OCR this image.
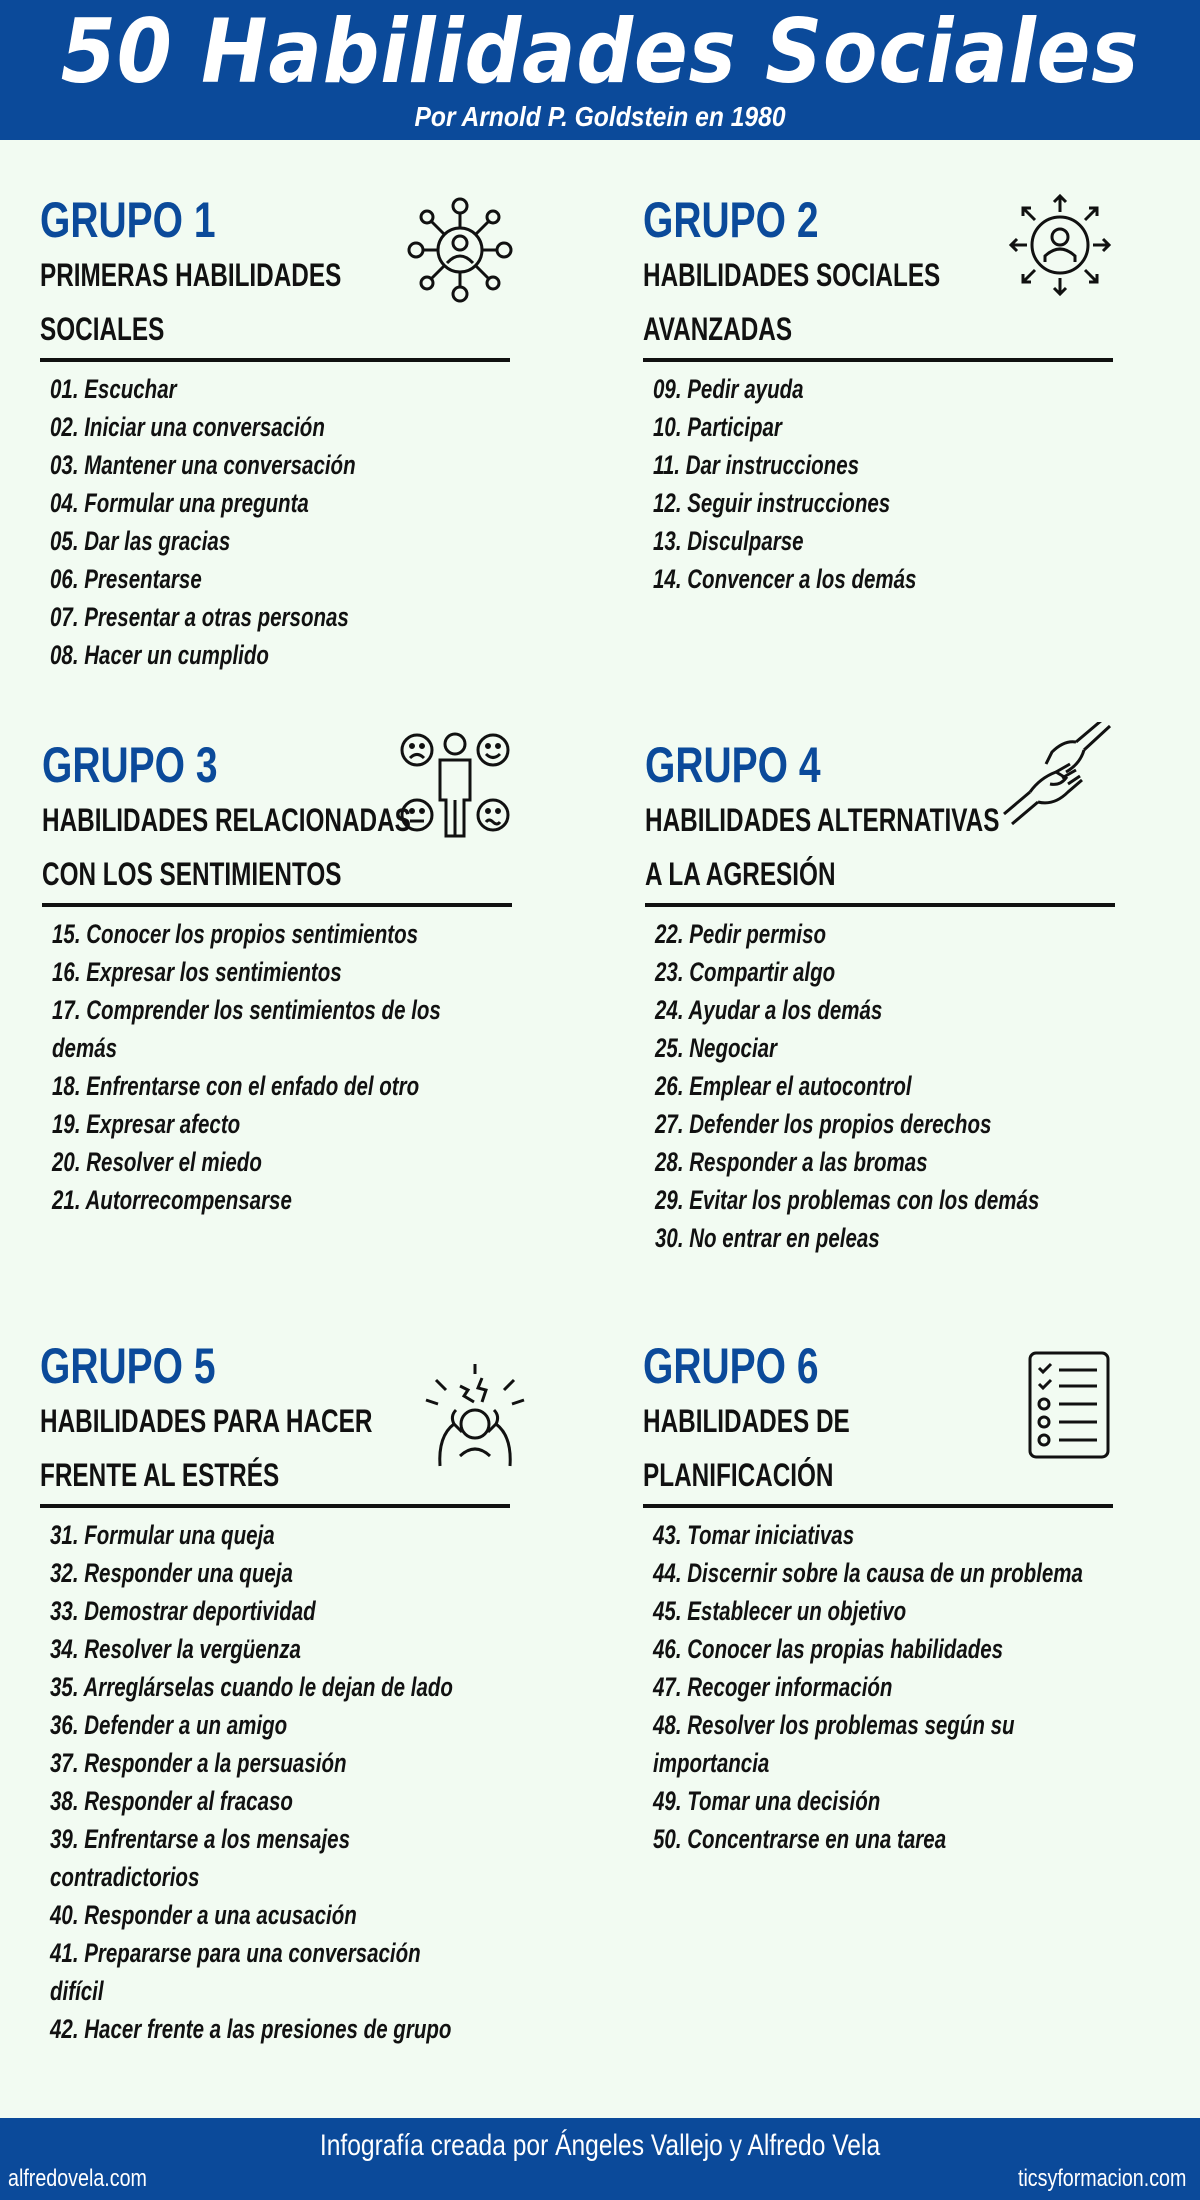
50 Habilidades Sociales
Por Arnold P. Goldstein en 1980
GRUPO 1
PRIMERAS HABILIDADES
SOCIALES
01. Escuchar
02. Iniciar una conversación
03. Mantener una conversación
04. Formular una pregunta
05. Dar las gracias
06. Presentarse
07. Presentar a otras personas
08. Hacer un cumplido
GRUPO 2
HABILIDADES SOCIALES
AVANZADAS
09. Pedir ayuda
10. Participar
11. Dar instrucciones
12. Seguir instrucciones
13. Disculparse
14. Convencer a los demás
GRUPO 3
HABILIDADES RELACIONADAS
CON LOS SENTIMIENTOS
15. Conocer los propios sentimientos
16. Expresar los sentimientos
17. Comprender los sentimientos de los
demás
18. Enfrentarse con el enfado del otro
19. Expresar afecto
20. Resolver el miedo
21. Autorrecompensarse
GRUPO 4
HABILIDADES ALTERNATIVAS
A LA AGRESIÓN
22. Pedir permiso
23. Compartir algo
24. Ayudar a los demás
25. Negociar
26. Emplear el autocontrol
27. Defender los propios derechos
28. Responder a las bromas
29. Evitar los problemas con los demás
30. No entrar en peleas
GRUPO 5
HABILIDADES PARA HACER
FRENTE AL ESTRÉS
31. Formular una queja
32. Responder una queja
33. Demostrar deportividad
34. Resolver la vergüenza
35. Arreglárselas cuando le dejan de lado
36. Defender a un amigo
37. Responder a la persuasión
38. Responder al fracaso
39. Enfrentarse a los mensajes
contradictorios
40. Responder a una acusación
41. Prepararse para una conversación
difícil
42. Hacer frente a las presiones de grupo
GRUPO 6
HABILIDADES DE
PLANIFICACIÓN
43. Tomar iniciativas
44. Discernir sobre la causa de un problema
45. Establecer un objetivo
46. Conocer las propias habilidades
47. Recoger información
48. Resolver los problemas según su
importancia
49. Tomar una decisión
50. Concentrarse en una tarea
Infografía creada por Ángeles Vallejo y Alfredo Vela
alfredovela.com	ticsyformacion.com
